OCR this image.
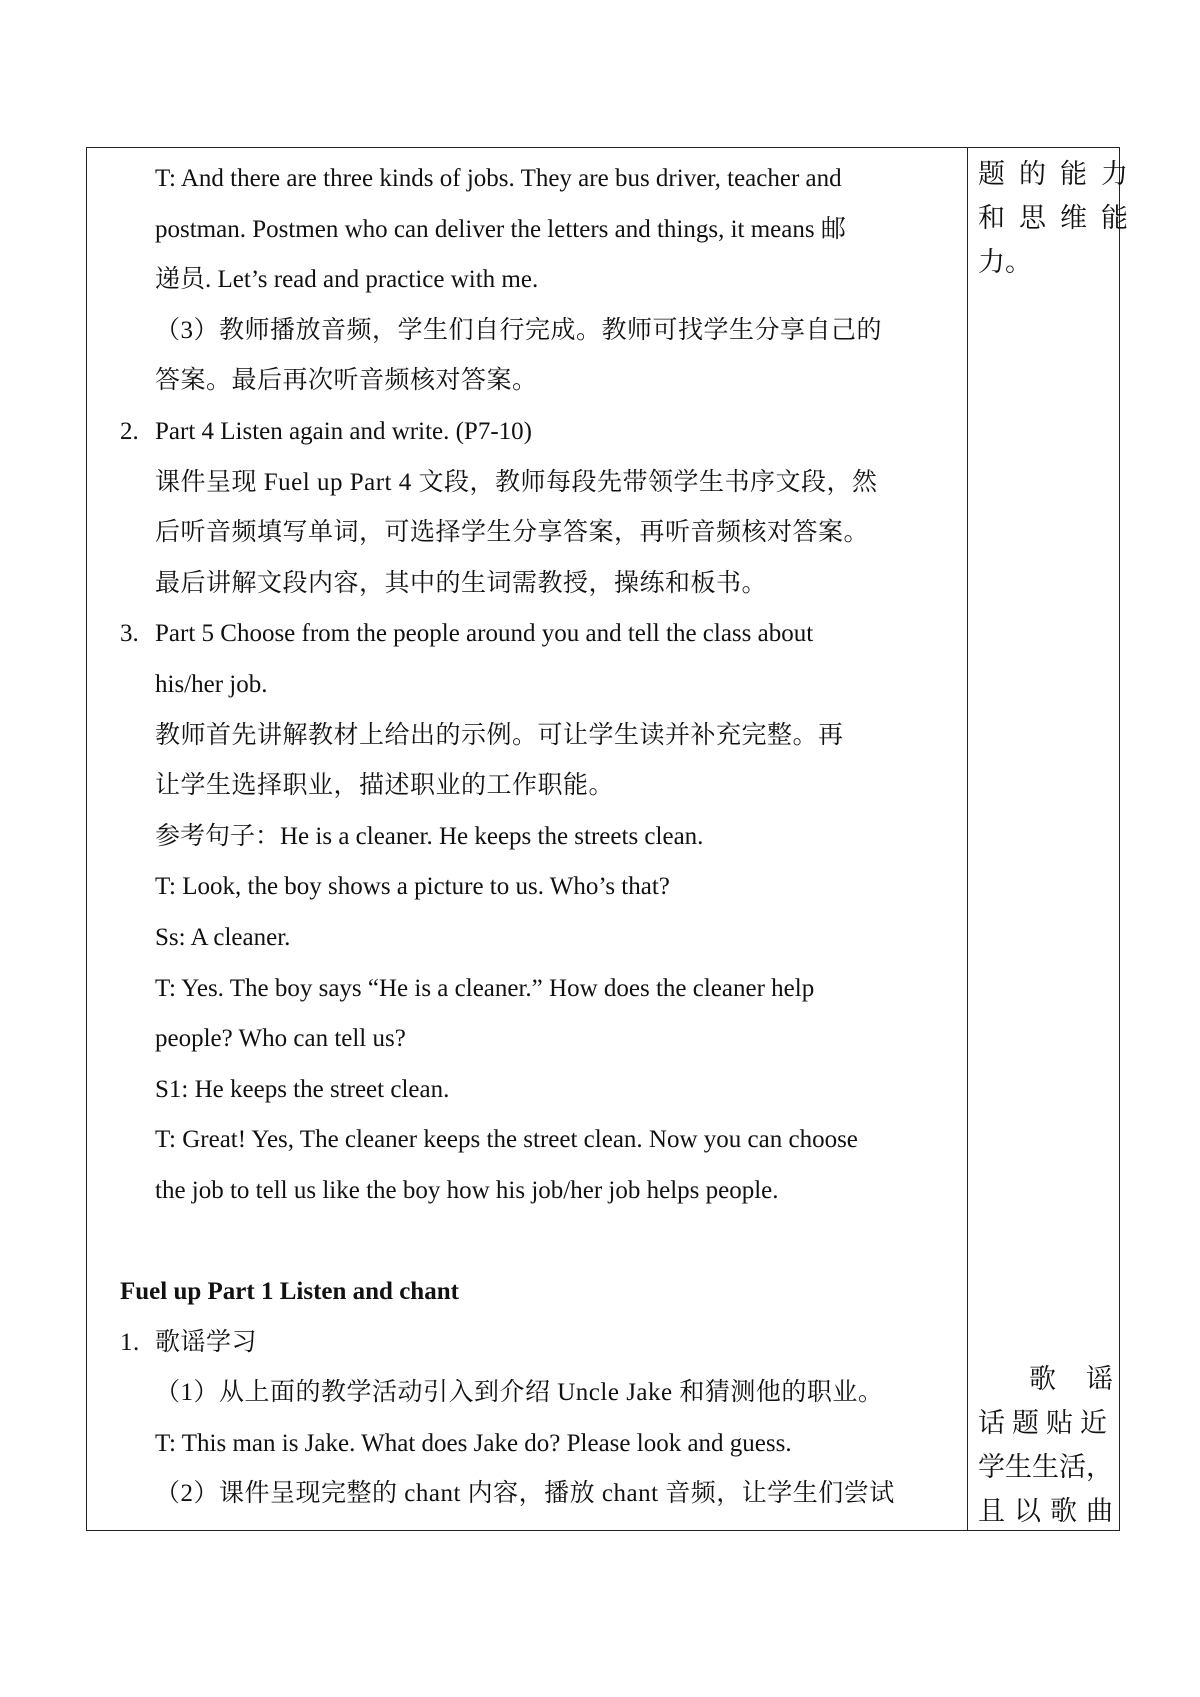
T: And there are three kinds of jobs. They are bus driver, teacher and
postman. Postmen who can deliver the letters and things, it means 邮
递员. Let’s read and practice with me.
（3）教师播放音频，学生们自行完成。教师可找学生分享自己的
答案。最后再次听音频核对答案。
2. Part 4 Listen again and write. (P7-10)
课件呈现 Fuel up Part 4 文段，教师每段先带领学生书序文段，然
后听音频填写单词，可选择学生分享答案，再听音频核对答案。
最后讲解文段内容，其中的生词需教授，操练和板书。
3. Part 5 Choose from the people around you and tell the class about
his/her job.
教师首先讲解教材上给出的示例。可让学生读并补充完整。再
让学生选择职业，描述职业的工作职能。
参考句子：He is a cleaner. He keeps the streets clean.
T: Look, the boy shows a picture to us. Who’s that?
Ss: A cleaner.
T: Yes. The boy says “He is a cleaner.” How does the cleaner help
people? Who can tell us?
S1: He keeps the street clean.
T: Great! Yes, The cleaner keeps the street clean. Now you can choose
the job to tell us like the boy how his job/her job helps people.
Fuel up Part 1 Listen and chant
1. 歌谣学习
（1）从上面的教学活动引入到介绍 Uncle Jake 和猜测他的职业。
T: This man is Jake. What does Jake do? Please look and guess.
（2）课件呈现完整的 chant 内容，播放 chant 音频，让学生们尝试
题的能力
和思维能
力。
歌谣
话题贴近
学生生活，
且以歌曲
